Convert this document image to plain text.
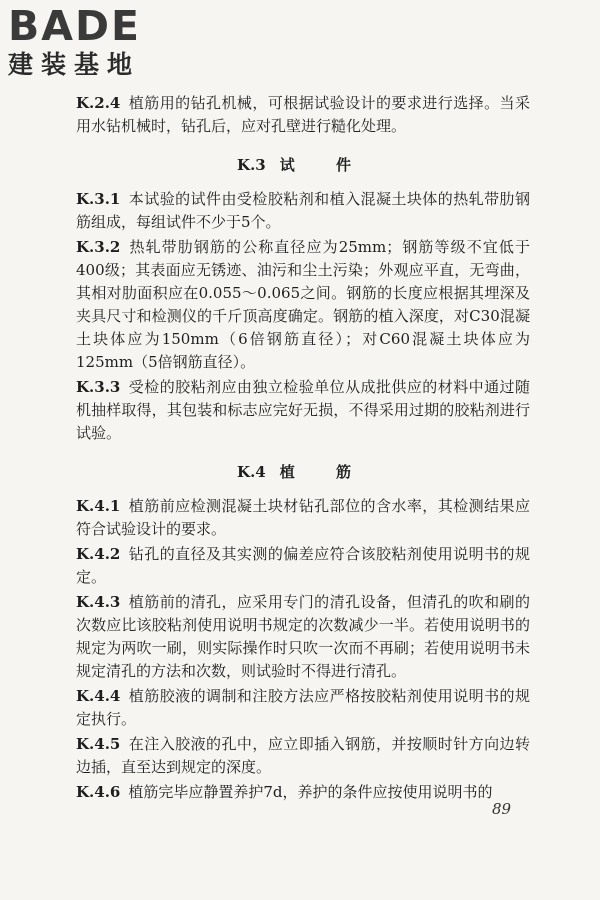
BADE
建装基地

K.2.4 植筋用的钻孔机械，可根据试验设计的要求进行选择。当采用水钻机械时，钻孔后，应对孔壁进行糙化处理。

K.3 试 件

K.3.1 本试验的试件由受检胶粘剂和植入混凝土块体的热轧带肋钢筋组成，每组试件不少于5个。

K.3.2 热轧带肋钢筋的公称直径应为25mm；钢筋等级不宜低于400级；其表面应无锈迹、油污和尘土污染；外观应平直，无弯曲，其相对肋面积应在0.055～0.065之间。钢筋的长度应根据其埋深及夹具尺寸和检测仪的千斤顶高度确定。钢筋的植入深度，对C30混凝土块体应为150mm（6倍钢筋直径）；对C60混凝土块体应为125mm（5倍钢筋直径）。

K.3.3 受检的胶粘剂应由独立检验单位从成批供应的材料中通过随机抽样取得，其包装和标志应完好无损，不得采用过期的胶粘剂进行试验。

K.4 植 筋

K.4.1 植筋前应检测混凝土块材钻孔部位的含水率，其检测结果应符合试验设计的要求。

K.4.2 钻孔的直径及其实测的偏差应符合该胶粘剂使用说明书的规定。

K.4.3 植筋前的清孔，应采用专门的清孔设备，但清孔的吹和刷的次数应比该胶粘剂使用说明书规定的次数减少一半。若使用说明书的规定为两吹一刷，则实际操作时只吹一次而不再刷；若使用说明书未规定清孔的方法和次数，则试验时不得进行清孔。

K.4.4 植筋胶液的调制和注胶方法应严格按胶粘剂使用说明书的规定执行。

K.4.5 在注入胶液的孔中，应立即插入钢筋，并按顺时针方向边转边插，直至达到规定的深度。

K.4.6 植筋完毕应静置养护7d，养护的条件应按使用说明书的

89
